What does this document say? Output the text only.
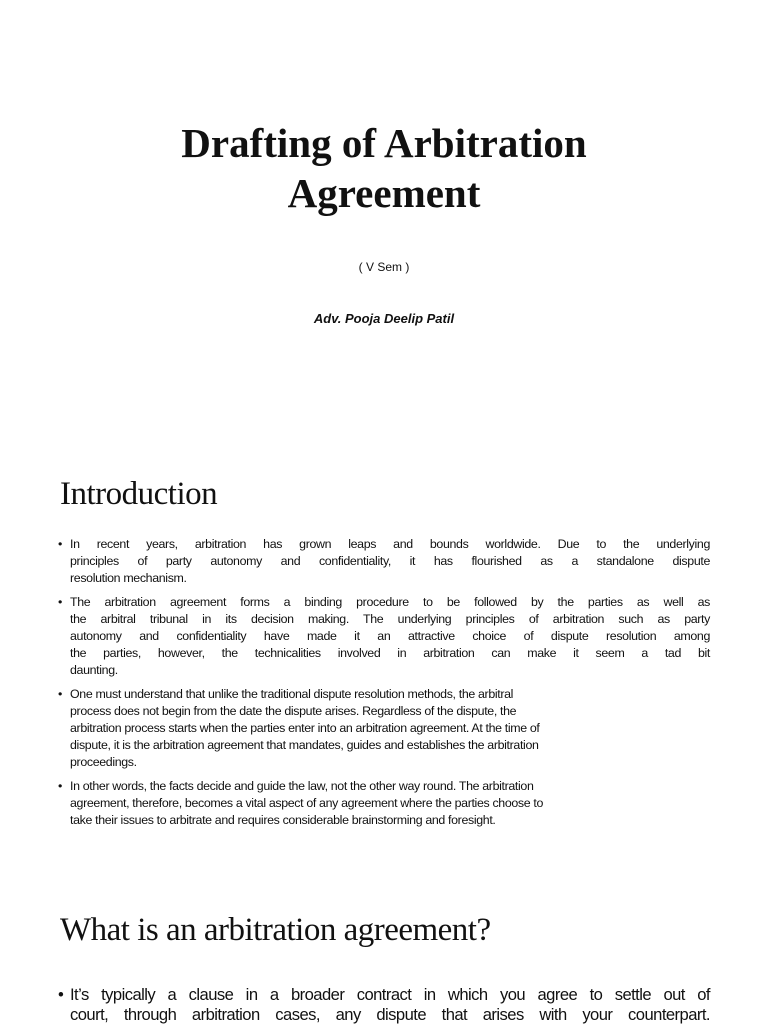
Drafting of Arbitration
Agreement
( V Sem )
Adv. Pooja Deelip Patil
Introduction
• In recent years, arbitration has grown leaps and bounds worldwide. Due to the underlying
principles of party autonomy and confidentiality, it has flourished as a standalone dispute
resolution mechanism.
• The arbitration agreement forms a binding procedure to be followed by the parties as well as
the arbitral tribunal in its decision making. The underlying principles of arbitration such as party
autonomy and confidentiality have made it an attractive choice of dispute resolution among
the parties, however, the technicalities involved in arbitration can make it seem a tad bit
daunting.
• One must understand that unlike the traditional dispute resolution methods, the arbitral
process does not begin from the date the dispute arises. Regardless of the dispute, the
arbitration process starts when the parties enter into an arbitration agreement. At the time of
dispute, it is the arbitration agreement that mandates, guides and establishes the arbitration
proceedings.
• In other words, the facts decide and guide the law, not the other way round. The arbitration
agreement, therefore, becomes a vital aspect of any agreement where the parties choose to
take their issues to arbitrate and requires considerable brainstorming and foresight.
What is an arbitration agreement?
• It’s typically a clause in a broader contract in which you agree to settle out of
court, through arbitration cases, any dispute that arises with your counterpart.
